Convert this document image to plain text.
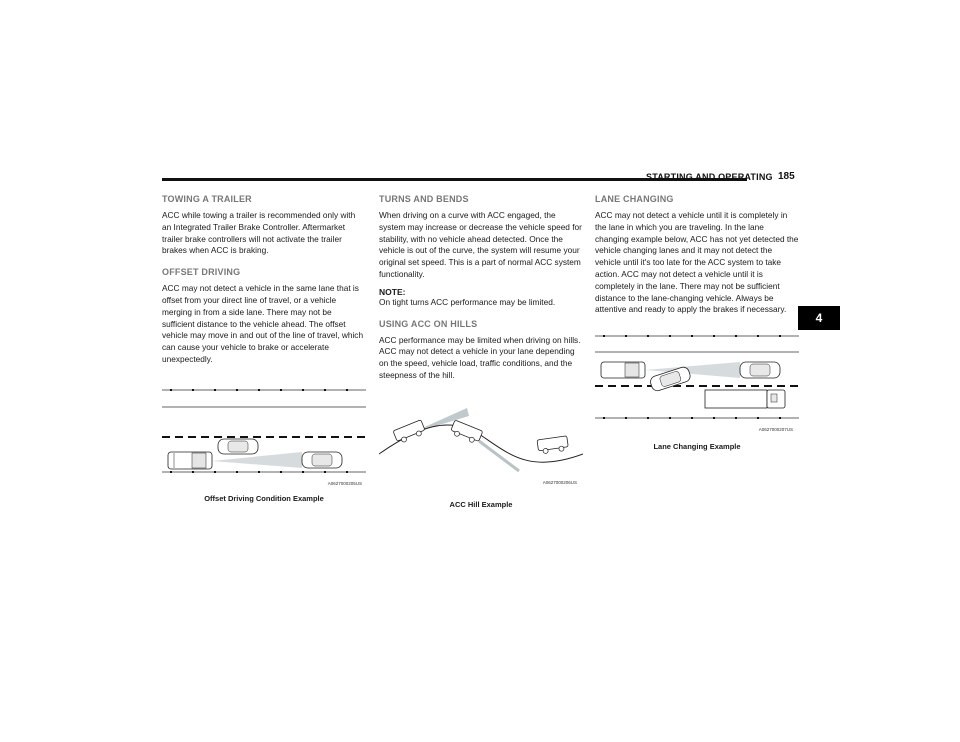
STARTING AND OPERATING 185
4
TOWING A TRAILER

ACC while towing a trailer is recommended only with an Integrated Trailer Brake Controller. Aftermarket trailer brake controllers will not activate the trailer brakes when ACC is braking.

OFFSET DRIVING

ACC may not detect a vehicle in the same lane that is offset from your direct line of travel, or a vehicle merging in from a side lane. There may not be sufficient distance to the vehicle ahead. The offset vehicle may move in and out of the line of travel, which can cause your vehicle to brake or accelerate unexpectedly.

A0627000205US
Offset Driving Condition Example
TURNS AND BENDS

When driving on a curve with ACC engaged, the system may increase or decrease the vehicle speed for stability, with no vehicle ahead detected. Once the vehicle is out of the curve, the system will resume your original set speed. This is a part of normal ACC system functionality.

NOTE:

On tight turns ACC performance may be limited.

USING ACC ON HILLS

ACC performance may be limited when driving on hills. ACC may not detect a vehicle in your lane depending on the speed, vehicle load, traffic conditions, and the steepness of the hill.

A0627000206US
ACC Hill Example
LANE CHANGING

ACC may not detect a vehicle until it is completely in the lane in which you are traveling. In the lane changing example below, ACC has not yet detected the vehicle changing lanes and it may not detect the vehicle until it's too late for the ACC system to take action. ACC may not detect a vehicle until it is completely in the lane. There may not be sufficient distance to the lane-changing vehicle. Always be attentive and ready to apply the brakes if necessary.

A0627000207US
Lane Changing Example
